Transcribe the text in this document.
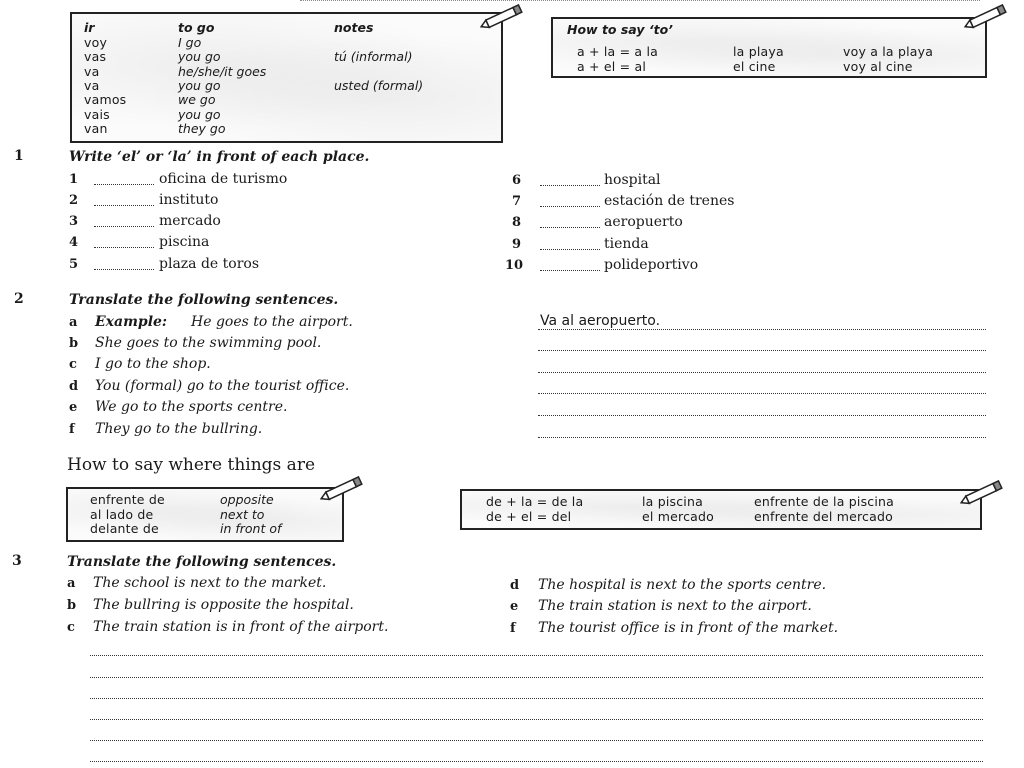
ir	to go	notes
voy	I go
vas	you go	tú (informal)
va	he/she/it goes
va	you go	usted (formal)
vamos	we go
vais	you go
van	they go
How to say ‘to’
a + la = a la	la playa	voy a la playa
a + el = al	el cine	voy al cine
1	Write ‘el’ or ‘la’ in front of each place.
1	oficina de turismo
2	instituto
3	mercado
4	piscina
5	plaza de toros
6	hospital
7	estación de trenes
8	aeropuerto
9	tienda
10	polideportivo
2	Translate the following sentences.
a Example: He goes to the airport.
b She goes to the swimming pool.
c I go to the shop.
d You (formal) go to the tourist office.
e We go to the sports centre.
f They go to the bullring.
Va al aeropuerto.
How to say where things are
enfrente de	opposite
al lado de	next to
delante de	in front of
de + la = de la	la piscina	enfrente de la piscina
de + el = del	el mercado	enfrente del mercado
3	Translate the following sentences.
a The school is next to the market.
b The bullring is opposite the hospital.
c The train station is in front of the airport.
d The hospital is next to the sports centre.
e The train station is next to the airport.
f The tourist office is in front of the market.
